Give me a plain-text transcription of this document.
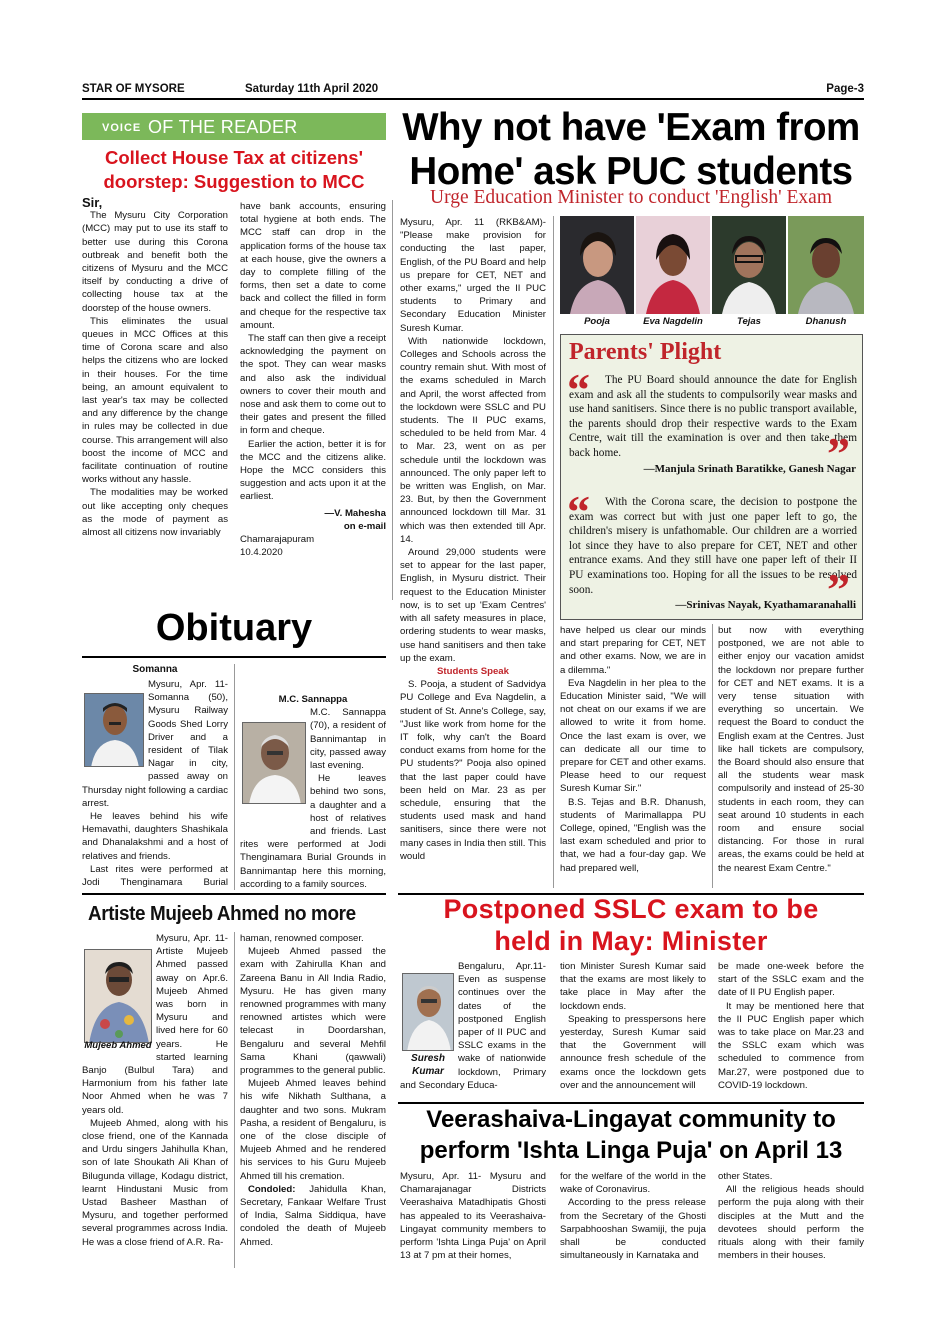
STAR OF MYSORE	Saturday 11th April 2020	Page-3
VOICE OF THE READER
Collect House Tax at citizens' doorstep: Suggestion to MCC

Sir,

The Mysuru City Corporation (MCC) may put to use its staff to better use during this Corona outbreak and benefit both the citizens of Mysuru and the MCC itself by conducting a drive of collecting house tax at the doorstep of the house owners.

This eliminates the usual queues in MCC Offices at this time of Corona scare and also helps the citizens who are locked in their houses. For the time being, an amount equivalent to last year's tax may be collected and any difference by the change in rules may be collected in due course. This arrangement will also boost the income of MCC and facilitate continuation of routine works without any hassle.

The modalities may be worked out like accepting only cheques as the mode of payment as almost all citizens now invariably

have bank accounts, ensuring total hygiene at both ends. The MCC staff can drop in the application forms of the house tax at each house, give the owners a day to complete filling of the forms, then set a date to come back and collect the filled in form and cheque for the respective tax amount.

The staff can then give a receipt acknowledging the payment on the spot. They can wear masks and also ask the individual owners to cover their mouth and nose and ask them to come out to their gates and present the filled in form and cheque.

Earlier the action, better it is for the MCC and the citizens alike. Hope the MCC considers this suggestion and acts upon it at the earliest.

—V. Mahesha
on e-mail
Chamarajapuram
10.4.2020
Obituary
Somanna

Mysuru, Apr. 11- Somanna (50), Mysuru Railway Goods Shed Lorry Driver and a resident of Tilak Nagar in city, passed away on Thursday night following a cardiac arrest.

He leaves behind his wife Hemavathi, daughters Shashikala and Dhanalakshmi and a host of relatives and friends.

Last rites were performed at Jodi Thenginamara Burial

M.C. Sannappa

M.C. Sannappa (70), a resident of Bannimantap in city, passed away last evening.

He leaves behind two sons, a daughter and a host of relatives and friends. Last rites were performed at Jodi Thenginamara Burial Grounds in Bannimantap here this morning, according to a family sources.

Artiste Mujeeb Ahmed no more
Mujeeb Ahmed

Mysuru, Apr. 11- Artiste Mujeeb Ahmed passed away on Apr.6. Mujeeb Ahmed was born in Mysuru and lived here for 60 years. He started learning Banjo (Bulbul Tara) and Harmonium from his father late Noor Ahmed when he was 7 years old.

Mujeeb Ahmed, along with his close friend, one of the Kannada and Urdu singers Jahihulla Khan, son of late Shoukath Ali Khan of Bilugunda village, Kodagu district, learnt Hindustani Music from Ustad Basheer Masthan of Mysuru, and together performed several programmes across India. He was a close friend of A.R. Ra-

haman, renowned composer.

Mujeeb Ahmed passed the exam with Zahirulla Khan and Zareena Banu in All India Radio, Mysuru. He has given many renowned programmes with many renowned artistes which were telecast in Doordarshan, Bengaluru and several Mehfil Sama Khani (qawwali) programmes to the general public.

Mujeeb Ahmed leaves behind his wife Nikhath Sulthana, a daughter and two sons. Mukram Pasha, a resident of Bengaluru, is one of the close disciple of Mujeeb Ahmed and he rendered his services to his Guru Mujeeb Ahmed till his cremation.

Condoled: Jahidulla Khan, Secretary, Fankaar Welfare Trust of India, Salma Siddiqua, have condoled the death of Mujeeb Ahmed.

Why not have 'Exam from
Home' ask PUC students
Urge Education Minister to conduct 'English' Exam
Pooja	Eva Nagdelin	Tejas	Dhanush

Mysuru, Apr. 11 (RKB&AM)- "Please make provision for conducting the last paper, English, of the PU Board and help us prepare for CET, NET and other exams," urged the II PUC students to Primary and Secondary Education Minister Suresh Kumar.

With nationwide lockdown, Colleges and Schools across the country remain shut. With most of the exams scheduled in March and April, the worst affected from the lockdown were SSLC and PU students. The II PUC exams, scheduled to be held from Mar. 4 to Mar. 23, went on as per schedule until the lockdown was announced. The only paper left to be written was English, on Mar. 23. But, by then the Government announced lockdown till Mar. 31 which was then extended till Apr. 14.

Around 29,000 students were set to appear for the last paper, English, in Mysuru district. Their request to the Education Minister now, is to set up 'Exam Centres' with all safety measures in place, ordering students to wear masks, use hand sanitisers and then take up the exam.

Students Speak

S. Pooja, a student of Sadvidya PU College and Eva Nagdelin, a student of St. Anne's College, say, "Just like work from home for the IT folk, why can't the Board conduct exams from home for the PU students?" Pooja also opined that the last paper could have been held on Mar. 23 as per schedule, ensuring that the students used mask and hand sanitisers, since there were not many cases in India then still. This would

Parents' Plight
“	The PU Board should announce the date for English exam and ask all the students to compulsorily wear masks and use hand sanitisers. Since there is no public transport available, the parents should drop their respective wards to the Exam Centre, wait till the examination is over and then take them back home.	”
—Manjula Srinath Baratikke, Ganesh Nagar
“	With the Corona scare, the decision to postpone the exam was correct but with just one paper left to go, the children's misery is unfathomable. Our children are a worried lot since they have to also prepare for CET, NET and other entrance exams. And they still have one paper left of their II PU examinations too. Hoping for all the issues to be resolved soon.	”
—Srinivas Nayak, Kyathamaranahalli

have helped us clear our minds and start preparing for CET, NET and other exams. Now, we are in a dilemma."

Eva Nagdelin in her plea to the Education Minister said, "We will not cheat on our exams if we are allowed to write it from home. Once the last exam is over, we can dedicate all our time to prepare for CET and other exams. Please heed to our request Suresh Kumar Sir."

B.S. Tejas and B.R. Dhanush, students of Marimallappa PU College, opined, "English was the last exam scheduled and prior to that, we had a four-day gap. We had prepared well,

but now with everything postponed, we are not able to either enjoy our vacation amidst the lockdown nor prepare further for CET and NET exams. It is a very tense situation with everything so uncertain. We request the Board to conduct the English exam at the Centres. Just like hall tickets are compulsory, the Board should also ensure that all the students wear mask compulsorily and instead of 25-30 students in each room, they can seat around 10 students in each room and ensure social distancing. For those in rural areas, the exams could be held at the nearest Exam Centre."

Postponed SSLC exam to be
held in May: Minister
Suresh
Kumar

Bengaluru, Apr.11- Even as suspense continues over the dates of the postponed English paper of II PUC and SSLC exams in the wake of nationwide lockdown, Primary and Secondary Educa-

tion Minister Suresh Kumar said that the exams are most likely to take place in May after the lockdown ends.

Speaking to presspersons here yesterday, Suresh Kumar said that the Government will announce fresh schedule of the exams once the lockdown gets over and the announcement will

be made one-week before the start of the SSLC exam and the date of II PU English paper.

It may be mentioned here that the II PUC English paper which was to take place on Mar.23 and the SSLC exam which was scheduled to commence from Mar.27, were postponed due to COVID-19 lockdown.

Veerashaiva-Lingayat community to
perform 'Ishta Linga Puja' on April 13

Mysuru, Apr. 11- Mysuru and Chamarajanagar Districts Veerashaiva Matadhipatis Ghosti has appealed to its Veerashaiva-Lingayat community members to perform 'Ishta Linga Puja' on April 13 at 7 pm at their homes,

for the welfare of the world in the wake of Coronavirus.

According to the press release from the Secretary of the Ghosti Sarpabhooshan Swamiji, the puja shall be conducted simultaneously in Karnataka and

other States.

All the religious heads should perform the puja along with their disciples at the Mutt and the devotees should perform the rituals along with their family members in their houses.
